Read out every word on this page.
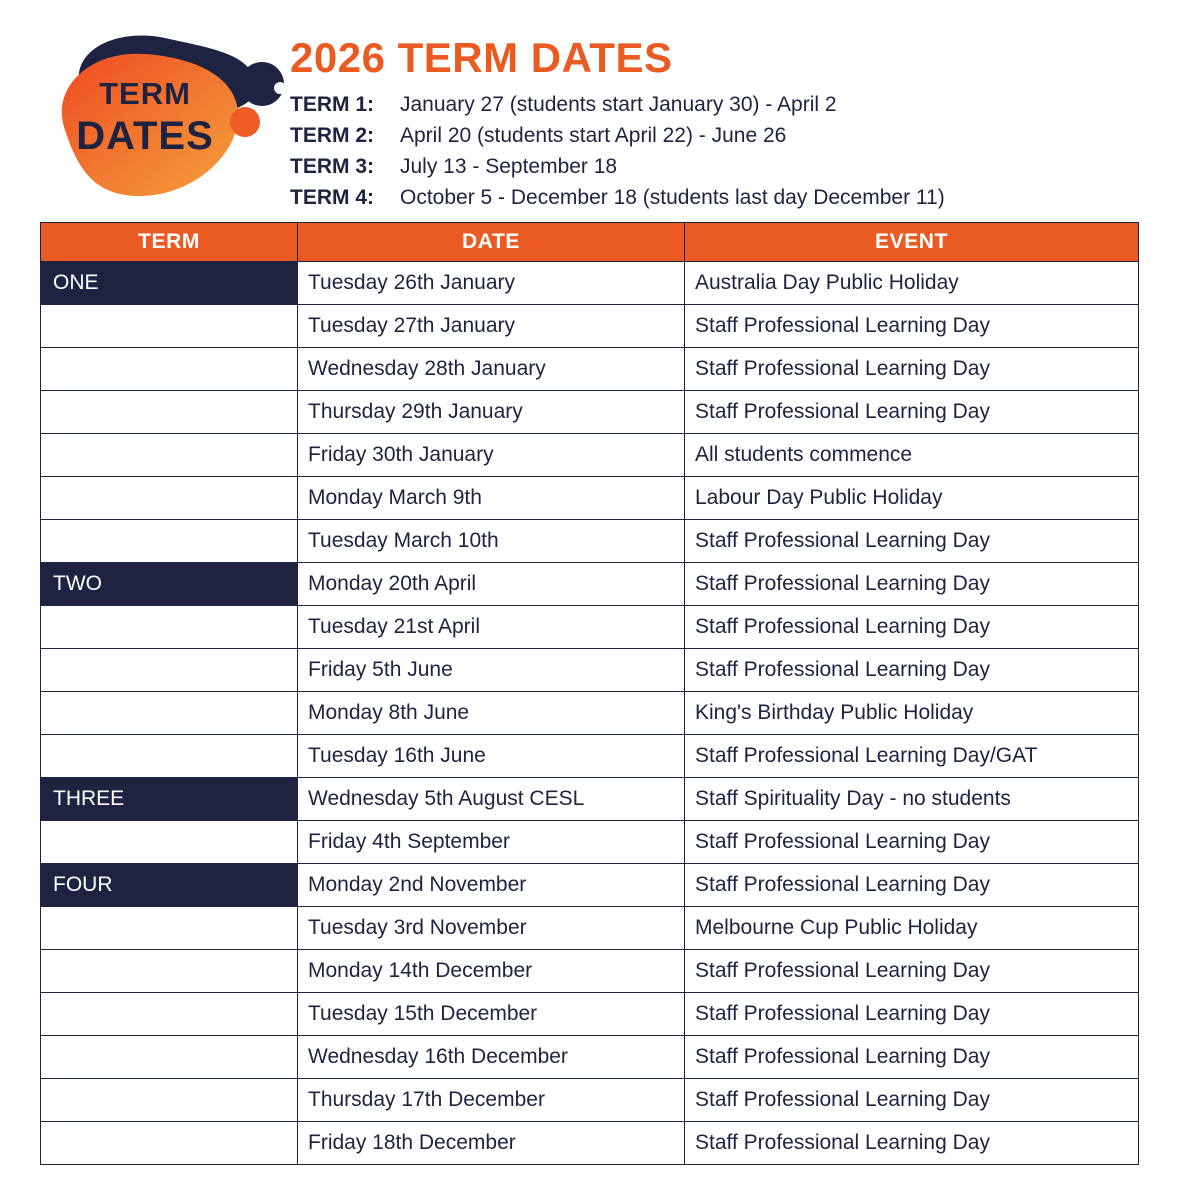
TERM
DATES
2026 TERM DATES
TERM 1: January 27 (students start January 30) - April 2
TERM 2: April 20 (students start April 22) - June 26
TERM 3: July 13 - September 18
TERM 4: October 5 - December 18 (students last day December 11)
TERM	DATE	EVENT
ONE	Tuesday 26th January	Australia Day Public Holiday
	Tuesday 27th January	Staff Professional Learning Day
	Wednesday 28th January	Staff Professional Learning Day
	Thursday 29th January	Staff Professional Learning Day
	Friday 30th January	All students commence
	Monday March 9th	Labour Day Public Holiday
	Tuesday March 10th	Staff Professional Learning Day
TWO	Monday 20th April	Staff Professional Learning Day
	Tuesday 21st April	Staff Professional Learning Day
	Friday 5th June	Staff Professional Learning Day
	Monday 8th June	King's Birthday Public Holiday
	Tuesday 16th June	Staff Professional Learning Day/GAT
THREE	Wednesday 5th August CESL	Staff Spirituality Day - no students
	Friday 4th September	Staff Professional Learning Day
FOUR	Monday 2nd November	Staff Professional Learning Day
	Tuesday 3rd November	Melbourne Cup Public Holiday
	Monday 14th December	Staff Professional Learning Day
	Tuesday 15th December	Staff Professional Learning Day
	Wednesday 16th December	Staff Professional Learning Day
	Thursday 17th December	Staff Professional Learning Day
	Friday 18th December	Staff Professional Learning Day
